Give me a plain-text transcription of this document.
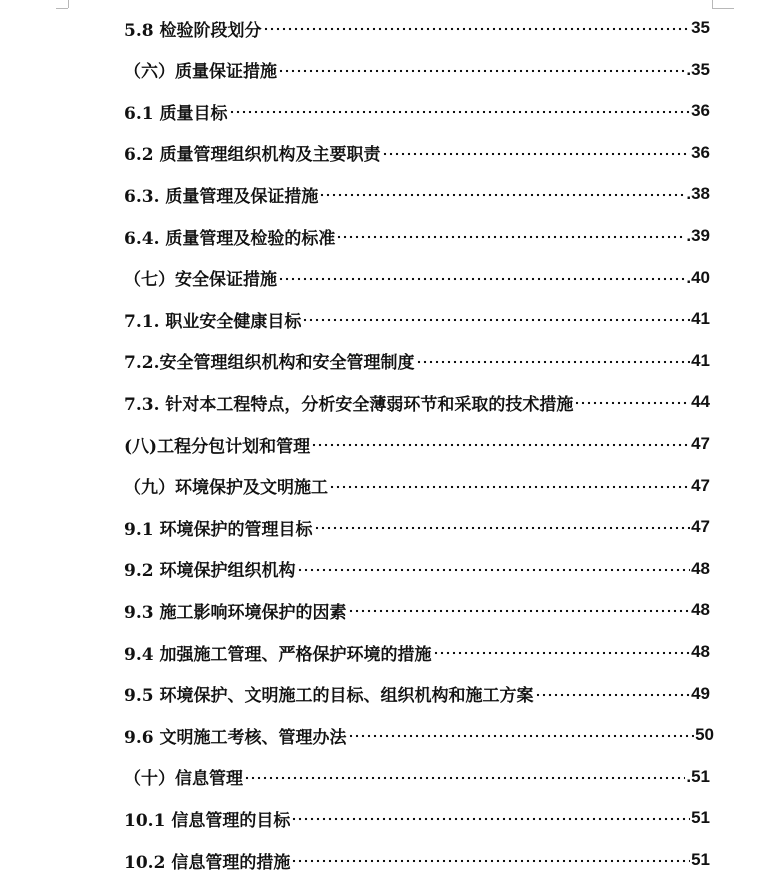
5.8 检验阶段划分	35
（六）质量保证措施	.35
6.1 质量目标	36
6.2 质量管理组织机构及主要职责	36
6.3. 质量管理及保证措施	.38
6.4. 质量管理及检验的标准	.39
（七）安全保证措施	.40
7.1. 职业安全健康目标	41
7.2.安全管理组织机构和安全管理制度	41
7.3. 针对本工程特点，分析安全薄弱环节和采取的技术措施	44
(八)工程分包计划和管理	47
（九）环境保护及文明施工	47
9.1 环境保护的管理目标	47
9.2 环境保护组织机构	48
9.3 施工影响环境保护的因素	48
9.4 加强施工管理、严格保护环境的措施	48
9.5 环境保护、文明施工的目标、组织机构和施工方案	49
9.6 文明施工考核、管理办法	50
（十）信息管理	.51
10.1 信息管理的目标	51
10.2 信息管理的措施	51
